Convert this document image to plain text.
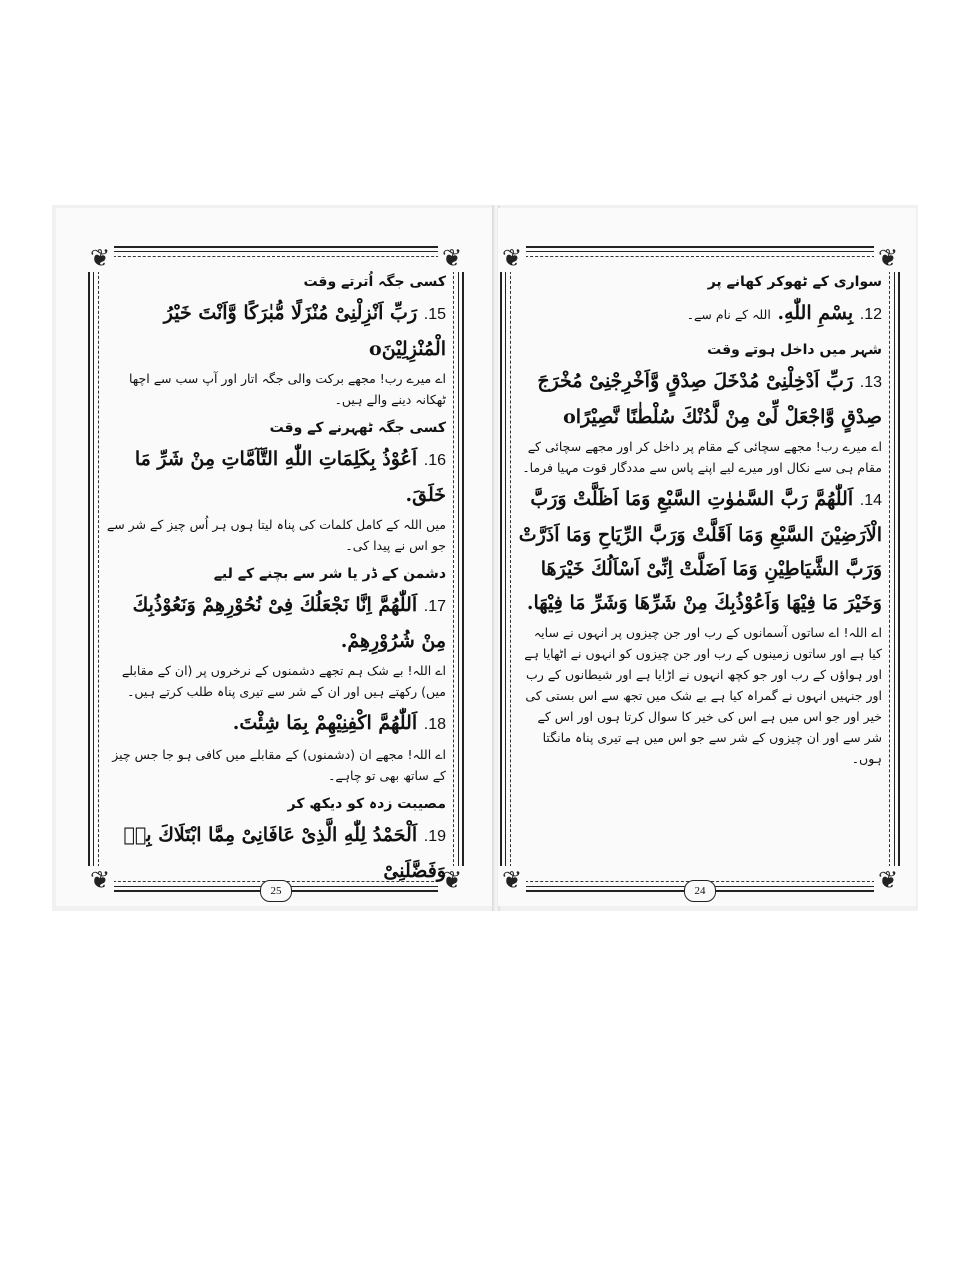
❦	❦
❦	❦
کسی جگہ اُترتے وقت
15. رَبِّ اَنْزِلْنِیْ مُنْزَلًا مُّبٰرَكًا وَّاَنْتَ خَیْرُ الْمُنْزِلِیْنَo
اے میرے رب! مجھے برکت والی جگہ اتار اور آپ سب سے اچھا ٹھکانہ دینے والے ہیں۔
کسی جگہ ٹھہرنے کے وقت
16. اَعُوْذُ بِكَلِمَاتِ اللّٰهِ التَّآمَّاتِ مِنْ شَرِّ مَا خَلَقَ.
میں اللہ کے کامل کلمات کی پناہ لیتا ہوں ہر اُس چیز کے شر سے جو اس نے پیدا کی۔
دشمن کے ڈر یا شر سے بچنے کے لیے
17. اَللّٰهُمَّ اِنَّا نَجْعَلُكَ فِیْ نُحُوْرِهِمْ وَنَعُوْذُبِكَ مِنْ شُرُوْرِهِمْ.
اے اللہ! بے شک ہم تجھے دشمنوں کے نرخروں پر (ان کے مقابلے میں) رکھتے ہیں اور ان کے شر سے تیری پناہ طلب کرتے ہیں۔
18. اَللّٰهُمَّ اكْفِنِیْهِمْ بِمَا شِئْتَ.
اے اللہ! مجھے ان (دشمنوں) کے مقابلے میں کافی ہو جا جس چیز کے ساتھ بھی تو چاہے۔
مصیبت زدہ کو دیکھ کر
19. اَلْحَمْدُ لِلّٰهِ الَّذِیْ عَافَانِیْ مِمَّا ابْتَلَاكَ بِهٖ وَفَضَّلَنِیْ
25
❦	❦
❦	❦
سواری کے ٹھوکر کھانے پر
12. بِسْمِ اللّٰهِ. اللہ کے نام سے۔
شہر میں داخل ہوتے وقت
13. رَبِّ اَدْخِلْنِیْ مُدْخَلَ صِدْقٍ وَّاَخْرِجْنِیْ مُخْرَجَ صِدْقٍ وَّاجْعَلْ لِّیْ مِنْ لَّدُنْكَ سُلْطٰنًا نَّصِیْرًاo
اے میرے رب! مجھے سچائی کے مقام پر داخل کر اور مجھے سچائی کے مقام ہی سے نکال اور میرے لیے اپنے پاس سے مددگار قوت مہیا فرما۔
14. اَللّٰهُمَّ رَبَّ السَّمٰوٰتِ السَّبْعِ وَمَا اَظَلَّتْ وَرَبَّ الْاَرَضِیْنَ السَّبْعِ وَمَا اَقَلَّتْ وَرَبَّ الرِّیَاحِ وَمَا اَذَرَّتْ وَرَبَّ الشَّیَاطِیْنِ وَمَا اَضَلَّتْ اِنِّیْ اَسْاَلُكَ خَیْرَهَا وَخَیْرَ مَا فِیْهَا وَاَعُوْذُبِكَ مِنْ شَرِّهَا وَشَرِّ مَا فِیْهَا.
اے اللہ! اے ساتوں آسمانوں کے رب اور جن چیزوں پر انہوں نے سایہ کیا ہے اور ساتوں زمینوں کے رب اور جن چیزوں کو انہوں نے اٹھایا ہے اور ہواؤں کے رب اور جو کچھ انہوں نے اڑایا ہے اور شیطانوں کے رب اور جنہیں انہوں نے گمراہ کیا ہے بے شک میں تجھ سے اس بستی کی خیر اور جو اس میں ہے اس کی خیر کا سوال کرتا ہوں اور اس کے شر سے اور ان چیزوں کے شر سے جو اس میں ہے تیری پناہ مانگتا ہوں۔
24
